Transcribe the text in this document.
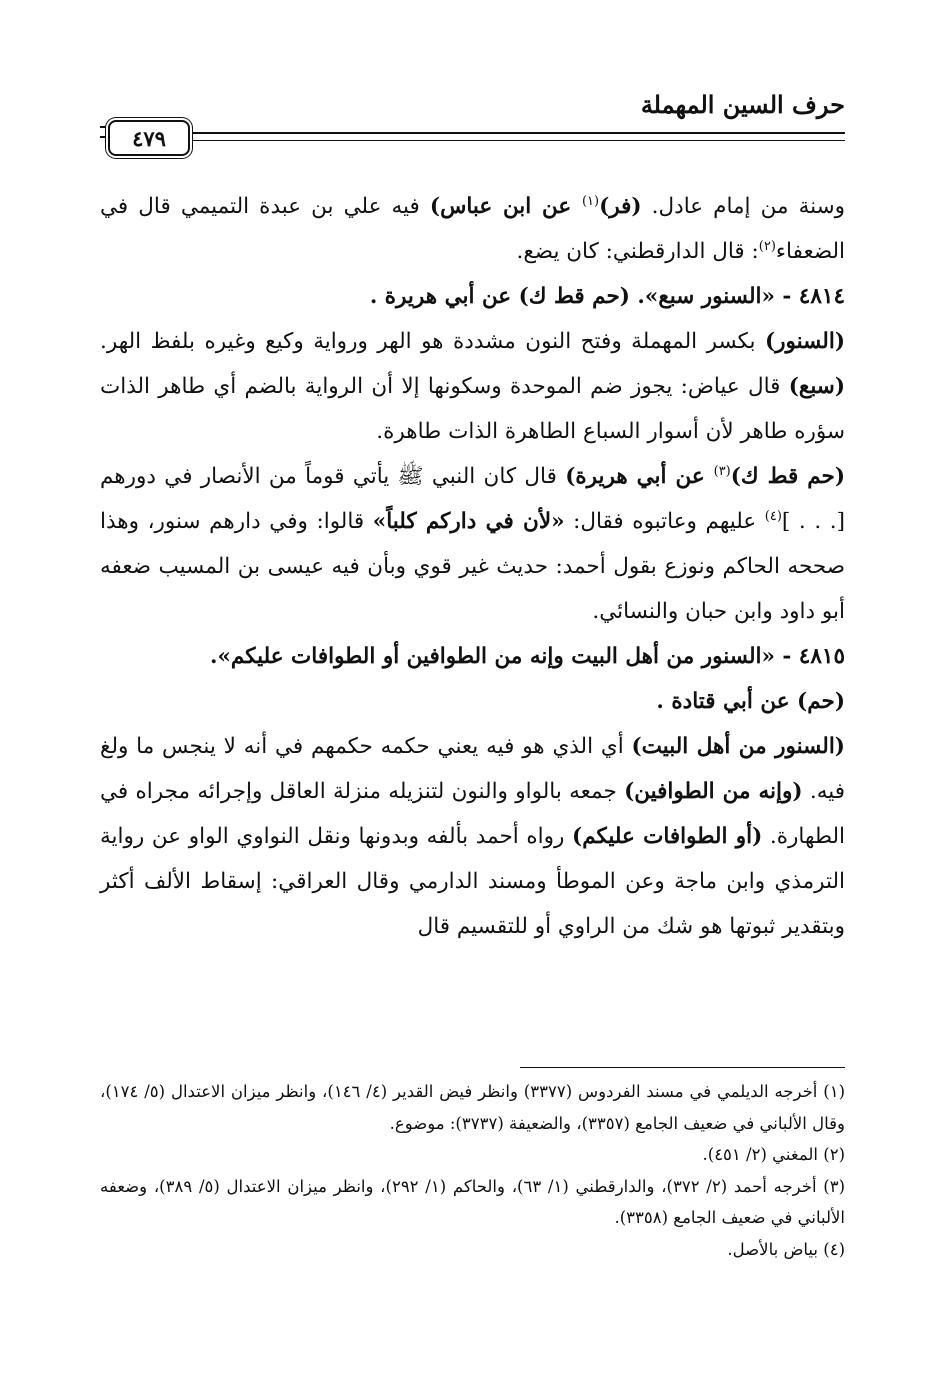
حرف السين المهملة
٤٧٩

وسنة من إمام عادل. (فر)$^{(١)}$ عن ابن عباس) فيه علي بن عبدة التميمي قال في الضعفاء$^{(٢)}$: قال الدارقطني: كان يضع.

٤٨١٤ - «السنور سبع». (حم قط ك) عن أبي هريرة .

(السنور) بكسر المهملة وفتح النون مشددة هو الهر ورواية وكيع وغيره بلفظ الهر. (سبع) قال عياض: يجوز ضم الموحدة وسكونها إلا أن الرواية بالضم أي طاهر الذات سؤره طاهر لأن أسوار السباع الطاهرة الذات طاهرة.

(حم قط ك)$^{(٣)}$ عن أبي هريرة) قال كان النبي ﷺ يأتي قوماً من الأنصار في دورهم [. . . ]$^{(٤)}$ عليهم وعاتبوه فقال: «لأن في داركم كلباً» قالوا: وفي دارهم سنور، وهذا صححه الحاكم ونوزع بقول أحمد: حديث غير قوي وبأن فيه عيسى بن المسيب ضعفه أبو داود وابن حبان والنسائي.

٤٨١٥ - «السنور من أهل البيت وإنه من الطوافين أو الطوافات عليكم».

(حم) عن أبي قتادة .

(السنور من أهل البيت) أي الذي هو فيه يعني حكمه حكمهم في أنه لا ينجس ما ولغ فيه. (وإنه من الطوافين) جمعه بالواو والنون لتنزيله منزلة العاقل وإجرائه مجراه في الطهارة. (أو الطوافات عليكم) رواه أحمد بألفه وبدونها ونقل النواوي الواو عن رواية الترمذي وابن ماجة وعن الموطأ ومسند الدارمي وقال العراقي: إسقاط الألف أكثر وبتقدير ثبوتها هو شك من الراوي أو للتقسيم قال

(١) أخرجه الديلمي في مسند الفردوس (٣٣٧٧) وانظر فيض القدير (٤/ ١٤٦)، وانظر ميزان الاعتدال (٥/ ١٧٤)، وقال الألباني في ضعيف الجامع (٣٣٥٧)، والضعيفة (٣٧٣٧): موضوع.

(٢) المغني (٢/ ٤٥١).

(٣) أخرجه أحمد (٢/ ٣٧٢)، والدارقطني (١/ ٦٣)، والحاكم (١/ ٢٩٢)، وانظر ميزان الاعتدال (٥/ ٣٨٩)، وضعفه الألباني في ضعيف الجامع (٣٣٥٨).

(٤) بياض بالأصل.
